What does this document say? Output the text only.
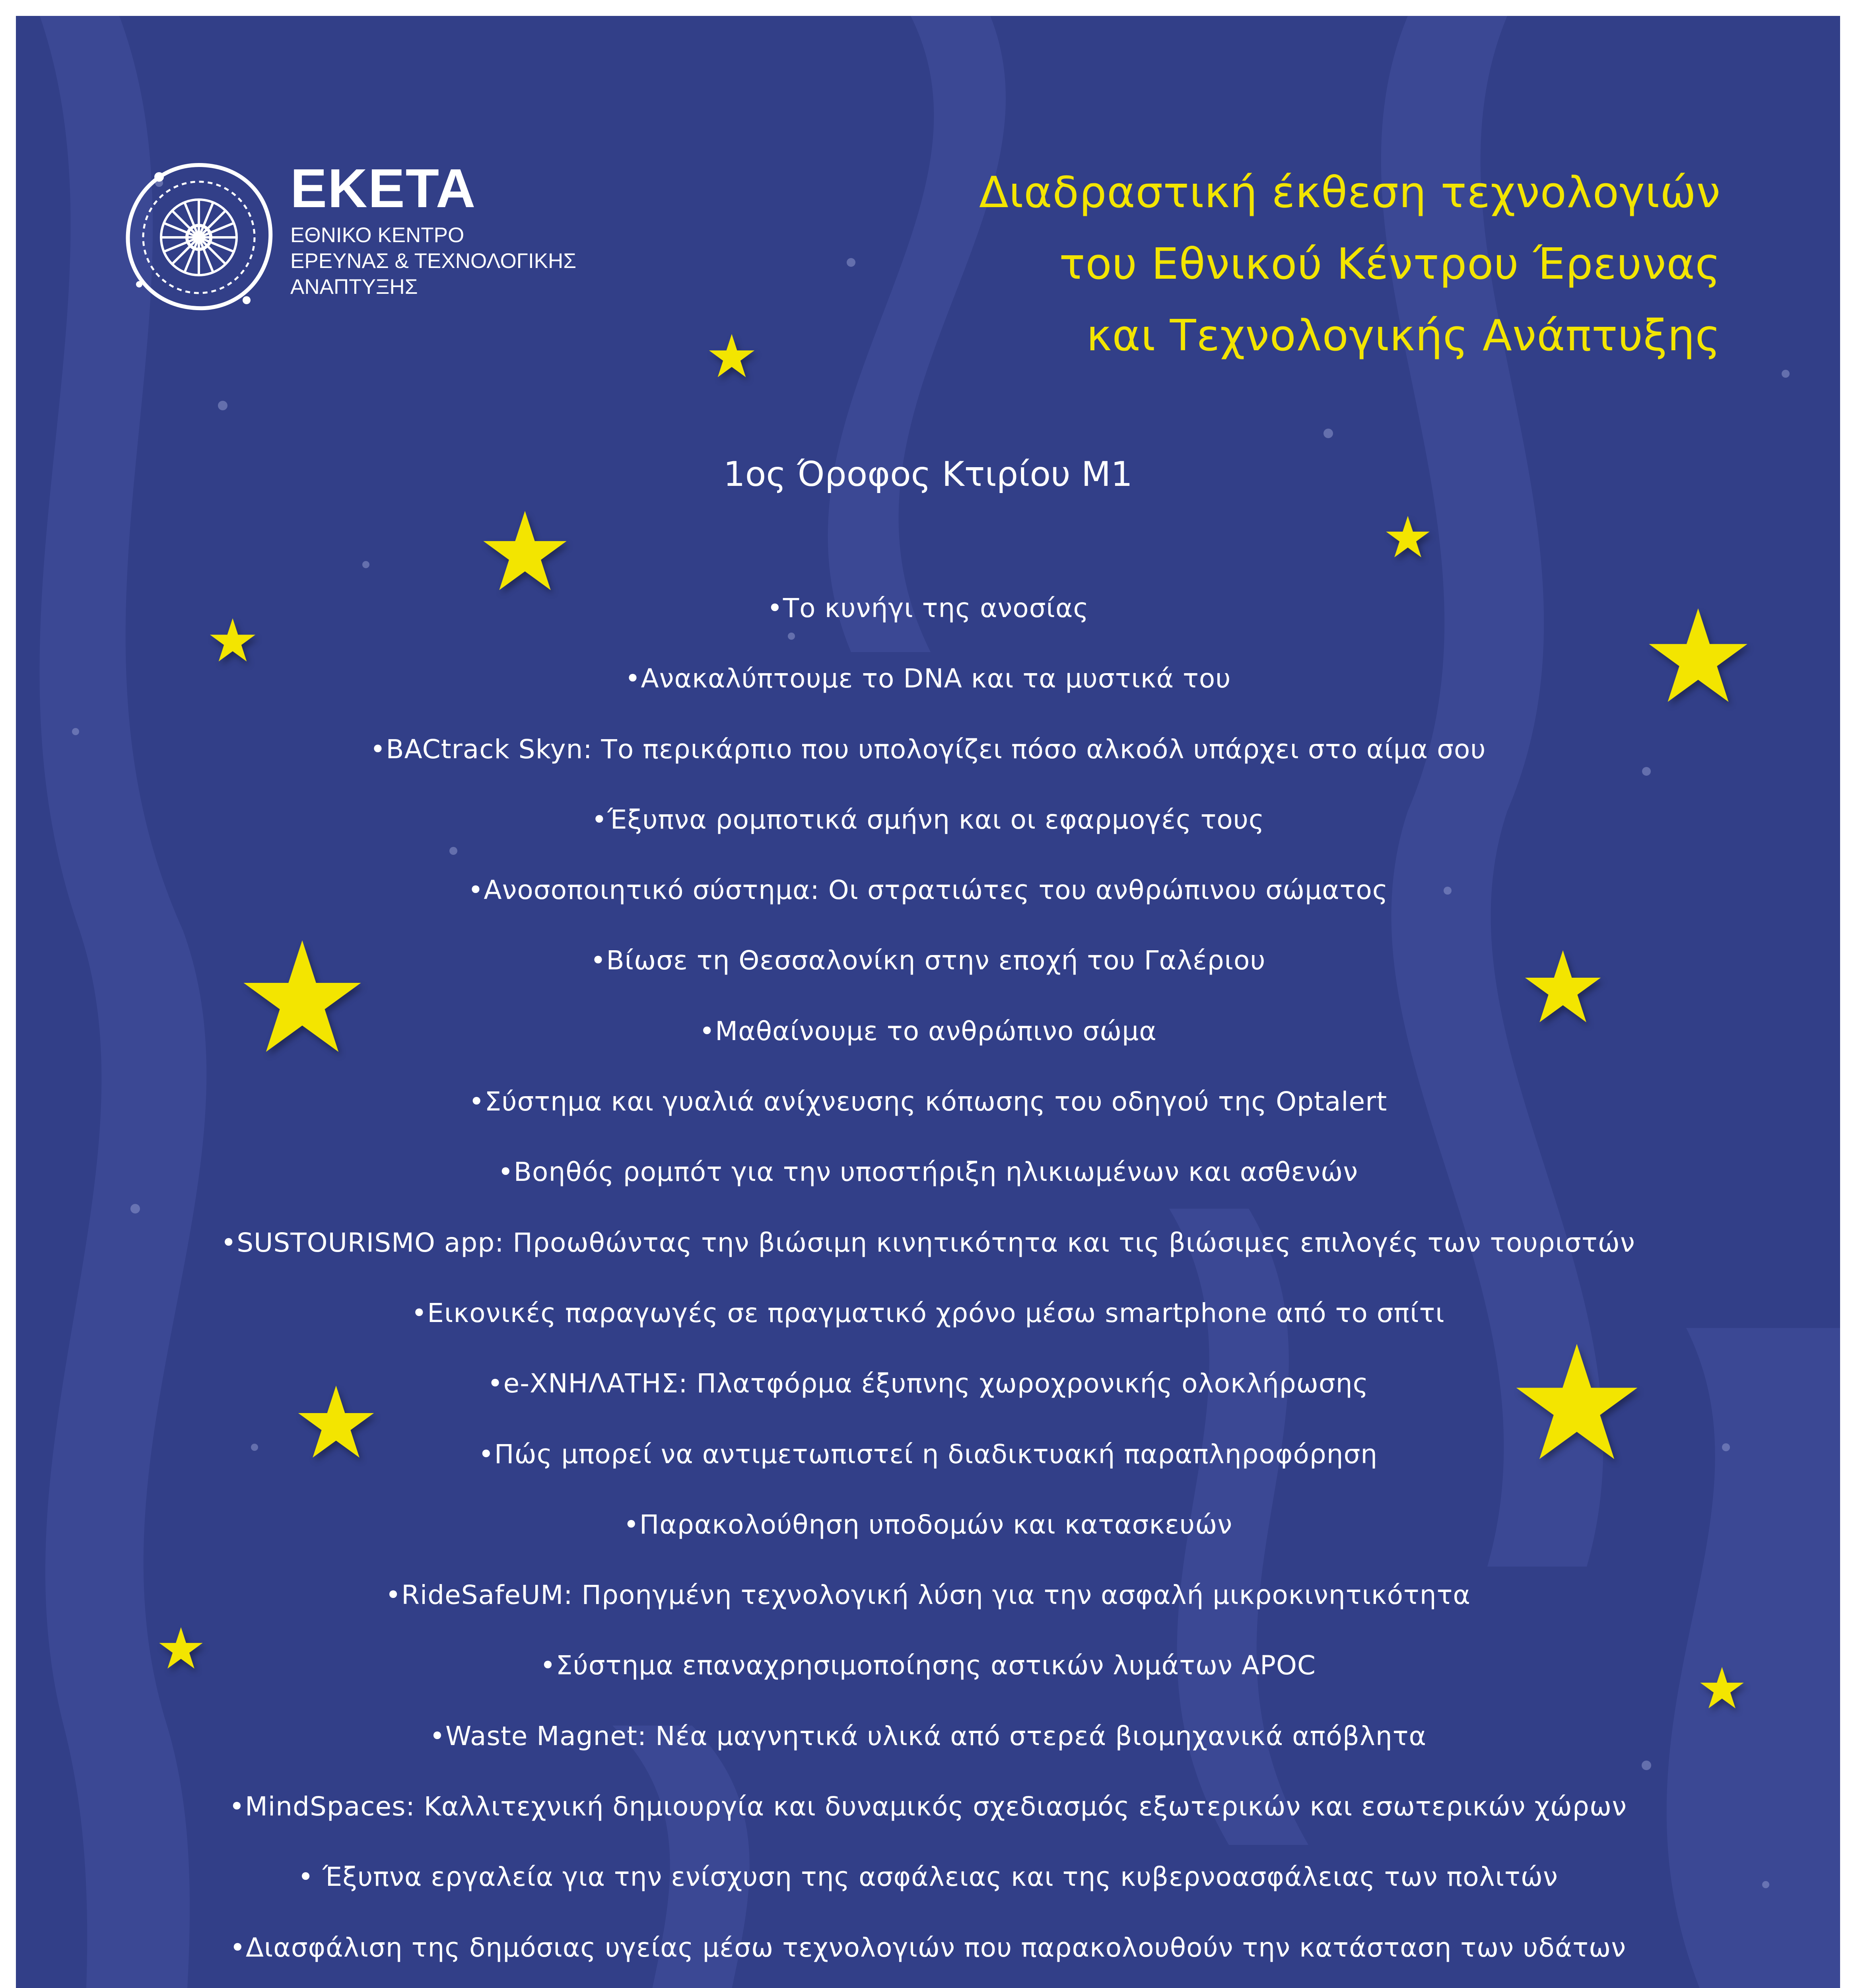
ΕΚΕΤΑ
ΕΘΝΙΚΟ ΚΕΝΤΡΟ
ΕΡΕΥΝΑΣ & ΤΕΧΝΟΛΟΓΙΚΗΣ
ΑΝΑΠΤΥΞΗΣ
Διαδραστική έκθεση τεχνολογιών
του Εθνικού Κέντρου Έρευνας
και Τεχνολογικής Ανάπτυξης
1ος Όροφος Κτιρίου Μ1
• Το κυνήγι της ανοσίας
• Ανακαλύπτουμε το DNA και τα μυστικά του
• BACtrack Skyn: Το περικάρπιο που υπολογίζει πόσο αλκοόλ υπάρχει στο αίμα σου
• Έξυπνα ρομποτικά σμήνη και οι εφαρμογές τους
• Ανοσοποιητικό σύστημα: Οι στρατιώτες του ανθρώπινου σώματος
• Βίωσε τη Θεσσαλονίκη στην εποχή του Γαλέριου
• Μαθαίνουμε το ανθρώπινο σώμα
• Σύστημα και γυαλιά ανίχνευσης κόπωσης του οδηγού της Optalert
• Βοηθός ρομπότ για την υποστήριξη ηλικιωμένων και ασθενών
• SUSTOURISMO app: Προωθώντας την βιώσιμη κινητικότητα και τις βιώσιμες επιλογές των τουριστών
• Εικονικές παραγωγές σε πραγματικό χρόνο μέσω smartphone από το σπίτι
• e-ΧΝΗΛΑΤΗΣ: Πλατφόρμα έξυπνης χωροχρονικής ολοκλήρωσης
• Πώς μπορεί να αντιμετωπιστεί η διαδικτυακή παραπληροφόρηση
• Παρακολούθηση υποδομών και κατασκευών
• RideSafeUM: Προηγμένη τεχνολογική λύση για την ασφαλή μικροκινητικότητα
• Σύστημα επαναχρησιμοποίησης αστικών λυμάτων APOC
• Waste Magnet: Νέα μαγνητικά υλικά από στερεά βιομηχανικά απόβλητα
• MindSpaces: Καλλιτεχνική δημιουργία και δυναμικός σχεδιασμός εξωτερικών και εσωτερικών χώρων
• Έξυπνα εργαλεία για την ενίσχυση της ασφάλειας και της κυβερνοασφάλειας των πολιτών
• Διασφάλιση της δημόσιας υγείας μέσω τεχνολογιών που παρακολουθούν την κατάσταση των υδάτων
